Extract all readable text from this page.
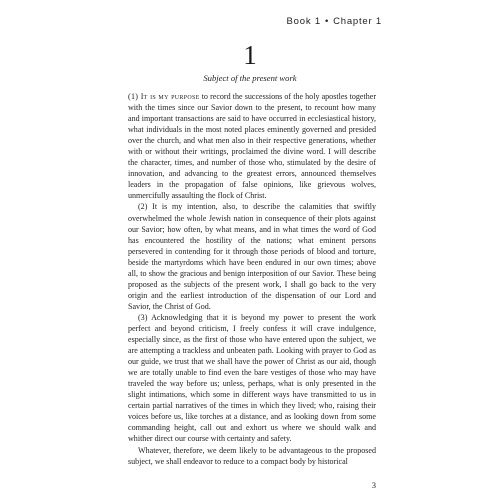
Book 1 • Chapter 1
1
Subject of the present work

(1) It is my purpose to record the successions of the holy apostles together with the times since our Savior down to the present, to recount how many and important transactions are said to have occurred in ecclesiastical history, what individuals in the most noted places eminently governed and presided over the church, and what men also in their respective generations, whether with or without their writings, proclaimed the divine word. I will describe the character, times, and number of those who, stimulated by the desire of innovation, and advancing to the greatest errors, announced themselves leaders in the propagation of false opinions, like grievous wolves, unmercifully assaulting the flock of Christ.

(2) It is my intention, also, to describe the calamities that swiftly overwhelmed the whole Jewish nation in consequence of their plots against our Savior; how often, by what means, and in what times the word of God has encountered the hostility of the nations; what eminent persons persevered in contending for it through those periods of blood and torture, beside the martyrdoms which have been endured in our own times; above all, to show the gracious and benign interposition of our Savior. These being proposed as the subjects of the present work, I shall go back to the very origin and the earliest introduction of the dispensation of our Lord and Savior, the Christ of God.

(3) Acknowledging that it is beyond my power to present the work perfect and beyond criticism, I freely confess it will crave indulgence, especially since, as the first of those who have entered upon the subject, we are attempting a trackless and unbeaten path. Looking with prayer to God as our guide, we trust that we shall have the power of Christ as our aid, though we are totally unable to find even the bare vestiges of those who may have traveled the way before us; unless, perhaps, what is only presented in the slight intimations, which some in different ways have transmitted to us in certain partial narratives of the times in which they lived; who, raising their voices before us, like torches at a distance, and as looking down from some commanding height, call out and exhort us where we should walk and whither direct our course with certainty and safety.

Whatever, therefore, we deem likely to be advantageous to the proposed subject, we shall endeavor to reduce to a compact body by historical

3
